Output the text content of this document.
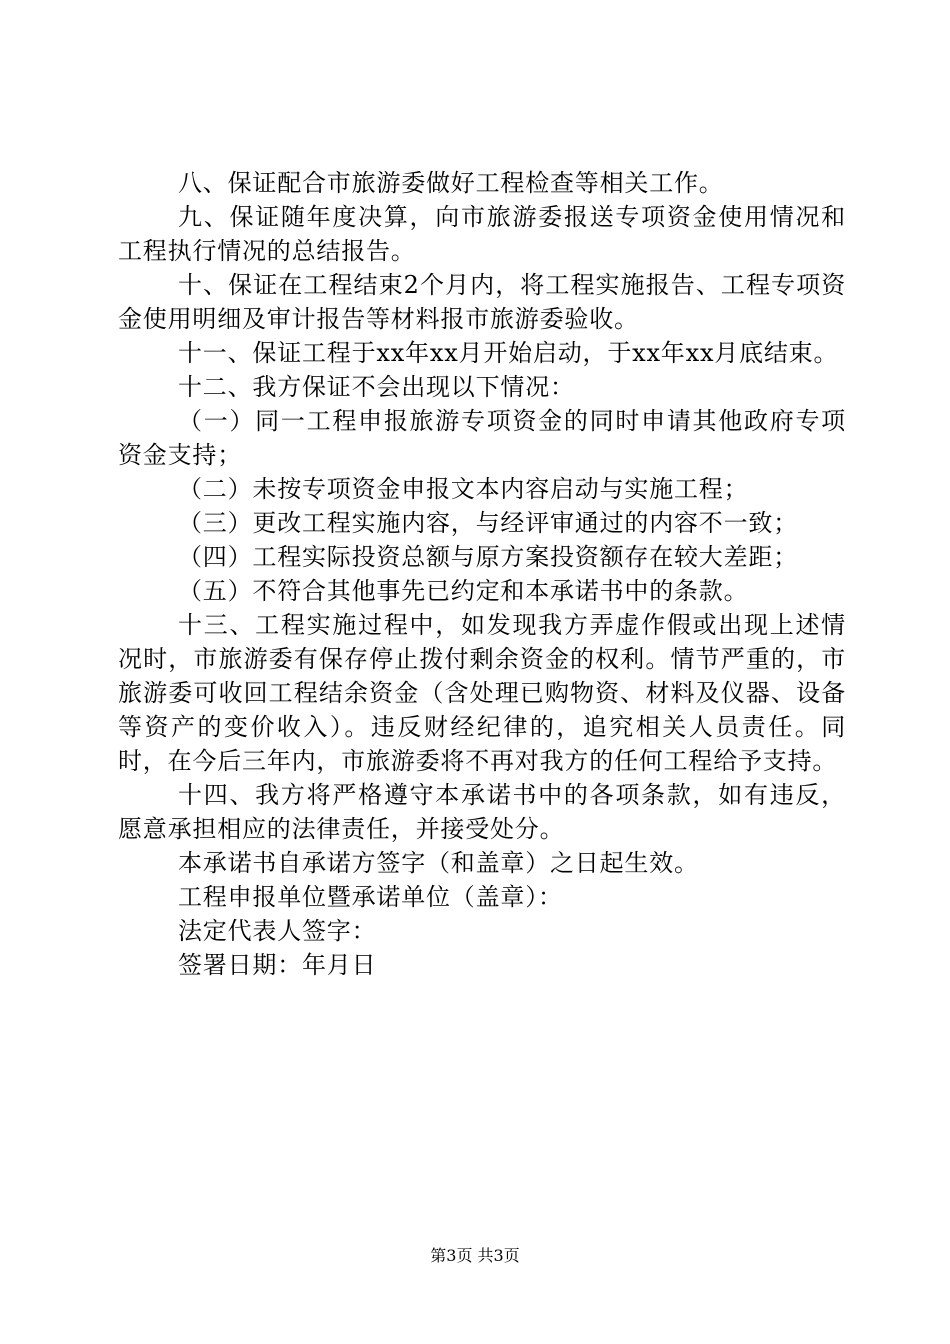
八、保证配合市旅游委做好工程检查等相关工作。

九、保证随年度决算，向市旅游委报送专项资金使用情况和工程执行情况的总结报告。

十、保证在工程结束2个月内，将工程实施报告、工程专项资金使用明细及审计报告等材料报市旅游委验收。

十一、保证工程于xx年xx月开始启动，于xx年xx月底结束。

十二、我方保证不会出现以下情况：

（一）同一工程申报旅游专项资金的同时申请其他政府专项资金支持；

（二）未按专项资金申报文本内容启动与实施工程；

（三）更改工程实施内容，与经评审通过的内容不一致；

（四）工程实际投资总额与原方案投资额存在较大差距；

（五）不符合其他事先已约定和本承诺书中的条款。

十三、工程实施过程中，如发现我方弄虚作假或出现上述情况时，市旅游委有保存停止拨付剩余资金的权利。情节严重的，市旅游委可收回工程结余资金（含处理已购物资、材料及仪器、设备等资产的变价收入）。违反财经纪律的，追究相关人员责任。同时，在今后三年内，市旅游委将不再对我方的任何工程给予支持。

十四、我方将严格遵守本承诺书中的各项条款，如有违反，愿意承担相应的法律责任，并接受处分。

本承诺书自承诺方签字（和盖章）之日起生效。

工程申报单位暨承诺单位（盖章）：

法定代表人签字：

签署日期：年月日

第3页 共3页
